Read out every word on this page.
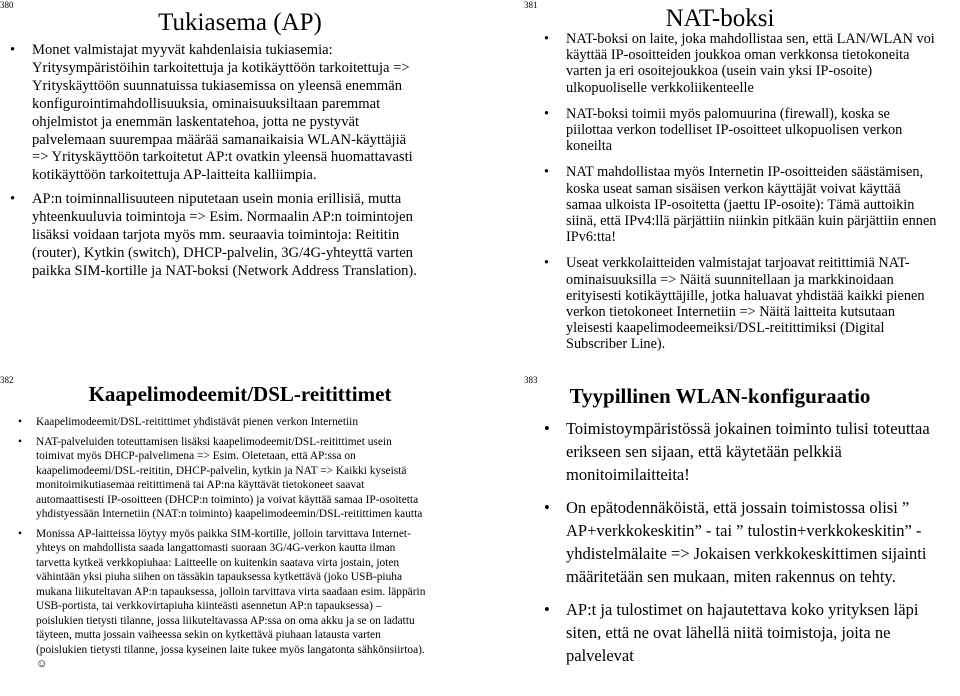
380
Tukiasema (AP)
• Monet valmistajat myyvät kahdenlaisia tukiasemia: Yritysympäristöihin tarkoitettuja ja kotikäyttöön tarkoitettuja => Yrityskäyttöön suunnatuissa tukiasemissa on yleensä enemmän konfigurointimahdollisuuksia, ominaisuuksiltaan paremmat ohjelmistot ja enemmän laskentatehoa, jotta ne pystyvät palvelemaan suurempaa määrää samanaikaisia WLAN-käyttäjiä => Yrityskäyttöön tarkoitetut AP:t ovatkin yleensä huomattavasti kotikäyttöön tarkoitettuja AP-laitteita kalliimpia.
• AP:n toiminnallisuuteen niputetaan usein monia erillisiä, mutta yhteenkuuluvia toimintoja => Esim. Normaalin AP:n toimintojen lisäksi voidaan tarjota myös mm. seuraavia toimintoja: Reititin (router), Kytkin (switch), DHCP-palvelin, 3G/4G-yhteyttä varten paikka SIM-kortille ja NAT-boksi (Network Address Translation).
381	NAT-boksi
• NAT-boksi on laite, joka mahdollistaa sen, että LAN/WLAN voi käyttää IP-osoitteiden joukkoa oman verkkonsa tietokoneita varten ja eri osoitejoukkoa (usein vain yksi IP-osoite) ulkopuoliselle verkkoliikenteelle
• NAT-boksi toimii myös palomuurina (firewall), koska se piilottaa verkon todelliset IP-osoitteet ulkopuolisen verkon koneilta
• NAT mahdollistaa myös Internetin IP-osoitteiden säästämisen, koska useat saman sisäisen verkon käyttäjät voivat käyttää samaa ulkoista IP-osoitetta (jaettu IP-osoite): Tämä auttoikin siinä, että IPv4:llä pärjättiin niinkin pitkään kuin pärjättiin ennen IPv6:tta!
• Useat verkkolaitteiden valmistajat tarjoavat reitittimiä NAT-ominaisuuksilla => Näitä suunnitellaan ja markkinoidaan erityisesti kotikäyttäjille, jotka haluavat yhdistää kaikki pienen verkon tietokoneet Internetiin => Näitä laitteita kutsutaan yleisesti kaapelimodeemeiksi/DSL-reitittimiksi (Digital Subscriber Line).
382
Kaapelimodeemit/DSL-reitittimet
• Kaapelimodeemit/DSL-reitittimet yhdistävät pienen verkon Internetiin
• NAT-palveluiden toteuttamisen lisäksi kaapelimodeemit/DSL-reitittimet usein toimivat myös DHCP-palvelimena => Esim. Oletetaan, että AP:ssa on kaapelimodeemi/DSL-reititin, DHCP-palvelin, kytkin ja NAT => Kaikki kyseistä monitoimikutiasemaa reitittimenä tai AP:na käyttävät tietokoneet saavat automaattisesti IP-osoitteen (DHCP:n toiminto) ja voivat käyttää samaa IP-osoitetta yhdistyessään Internetiin (NAT:n toiminto) kaapelimodeemin/DSL-reitittimen kautta
• Monissa AP-laitteissa löytyy myös paikka SIM-kortille, jolloin tarvittava Internet-yhteys on mahdollista saada langattomasti suoraan 3G/4G-verkon kautta ilman tarvetta kytkeä verkkopiuhaa: Laitteelle on kuitenkin saatava virta jostain, joten vähintään yksi piuha siihen on tässäkin tapauksessa kytkettävä (joko USB-piuha mukana liikuteltavan AP:n tapauksessa, jolloin tarvittava virta saadaan esim. läppärin USB-portista, tai verkkovirtapiuha kiinteästi asennetun AP:n tapauksessa) – poislukien tietysti tilanne, jossa liikuteltavassa AP:ssa on oma akku ja se on ladattu täyteen, mutta jossain vaiheessa sekin on kytkettävä piuhaan latausta varten (poislukien tietysti tilanne, jossa kyseinen laite tukee myös langatonta sähkönsiirtoa). ☺
383
Tyypillinen WLAN-konfiguraatio
• Toimistoympäristössä jokainen toiminto tulisi toteuttaa erikseen sen sijaan, että käytetään pelkkiä monitoimilaitteita!
• On epätodennäköistä, että jossain toimistossa olisi ” AP+verkkokeskitin” - tai ” tulostin+verkkokeskitin” -yhdistelmälaite => Jokaisen verkkokeskittimen sijainti määritetään sen mukaan, miten rakennus on tehty.
• AP:t ja tulostimet on hajautettava koko yrityksen läpi siten, että ne ovat lähellä niitä toimistoja, joita ne palvelevat
